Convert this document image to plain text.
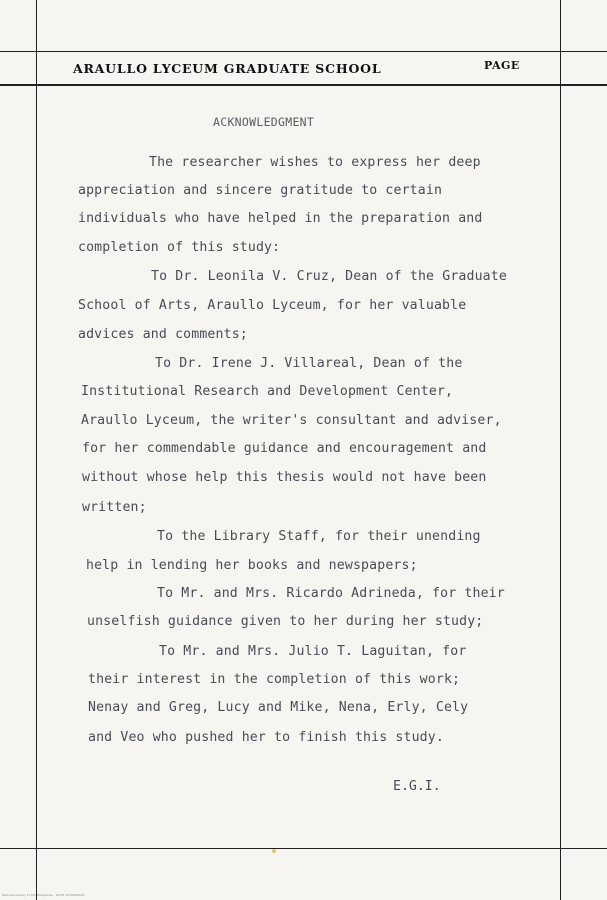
ARAULLO LYCEUM GRADUATE SCHOOL	PAGE
ACKNOWLEDGMENT
The researcher wishes to express her deep
appreciation and sincere gratitude to certain
individuals who have helped in the preparation and
completion of this study:
To Dr. Leonila V. Cruz, Dean of the Graduate
School of Arts, Araullo Lyceum, for her valuable
advices and comments;
To Dr. Irene J. Villareal, Dean of the
Institutional Research and Development Center,
Araullo Lyceum, the writer's consultant and adviser,
for her commendable guidance and encouragement and
without whose help this thesis would not have been
written;
To the Library Staff, for their unending
help in lending her books and newspapers;
To Mr. and Mrs. Ricardo Adrineda, for their
unselfish guidance given to her during her study;
To Mr. and Mrs. Julio T. Laguitan, for
their interest in the completion of this work;
Nenay and Greg, Lucy and Mike, Nena, Erly, Cely
and Veo who pushed her to finish this study.
E.G.I.
National Library of the Philippines GSTH 1234000010
